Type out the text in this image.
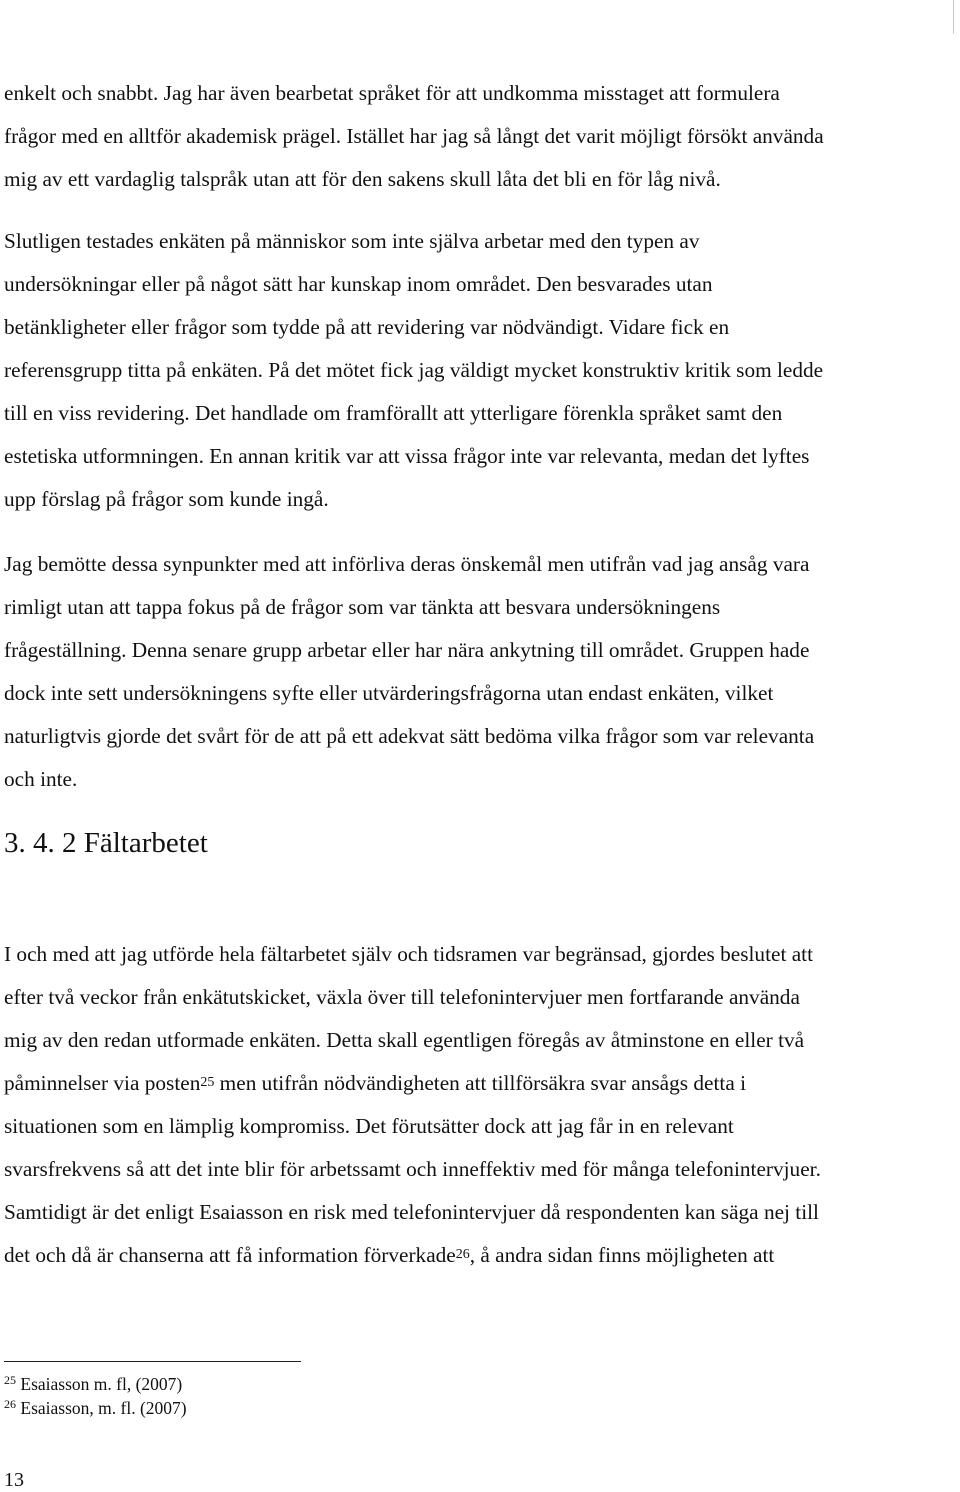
enkelt och snabbt. Jag har även bearbetat språket för att undkomma misstaget att formulera
frågor med en alltför akademisk prägel. Istället har jag så långt det varit möjligt försökt använda
mig av ett vardaglig talspråk utan att för den sakens skull låta det bli en för låg nivå.
Slutligen testades enkäten på människor som inte själva arbetar med den typen av
undersökningar eller på något sätt har kunskap inom området. Den besvarades utan
betänkligheter eller frågor som tydde på att revidering var nödvändigt. Vidare fick en
referensgrupp titta på enkäten. På det mötet fick jag väldigt mycket konstruktiv kritik som ledde
till en viss revidering. Det handlade om framförallt att ytterligare förenkla språket samt den
estetiska utformningen. En annan kritik var att vissa frågor inte var relevanta, medan det lyftes
upp förslag på frågor som kunde ingå.
Jag bemötte dessa synpunkter med att införliva deras önskemål men utifrån vad jag ansåg vara
rimligt utan att tappa fokus på de frågor som var tänkta att besvara undersökningens
frågeställning. Denna senare grupp arbetar eller har nära ankytning till området. Gruppen hade
dock inte sett undersökningens syfte eller utvärderingsfrågorna utan endast enkäten, vilket
naturligtvis gjorde det svårt för de att på ett adekvat sätt bedöma vilka frågor som var relevanta
och inte.
3. 4. 2 Fältarbetet
I och med att jag utförde hela fältarbetet själv och tidsramen var begränsad, gjordes beslutet att
efter två veckor från enkätutskicket, växla över till telefonintervjuer men fortfarande använda
mig av den redan utformade enkäten. Detta skall egentligen föregås av åtminstone en eller två
påminnelser via posten$^{25}$ men utifrån nödvändigheten att tillförsäkra svar ansågs detta i
situationen som en lämplig kompromiss. Det förutsätter dock att jag får in en relevant
svarsfrekvens så att det inte blir för arbetssamt och inneffektiv med för många telefonintervjuer.
Samtidigt är det enligt Esaiasson en risk med telefonintervjuer då respondenten kan säga nej till
det och då är chanserna att få information förverkade$^{26}$, å andra sidan finns möjligheten att
$^{25}$ Esaiasson m. fl, (2007)
$^{26}$ Esaiasson, m. fl. (2007)
13
